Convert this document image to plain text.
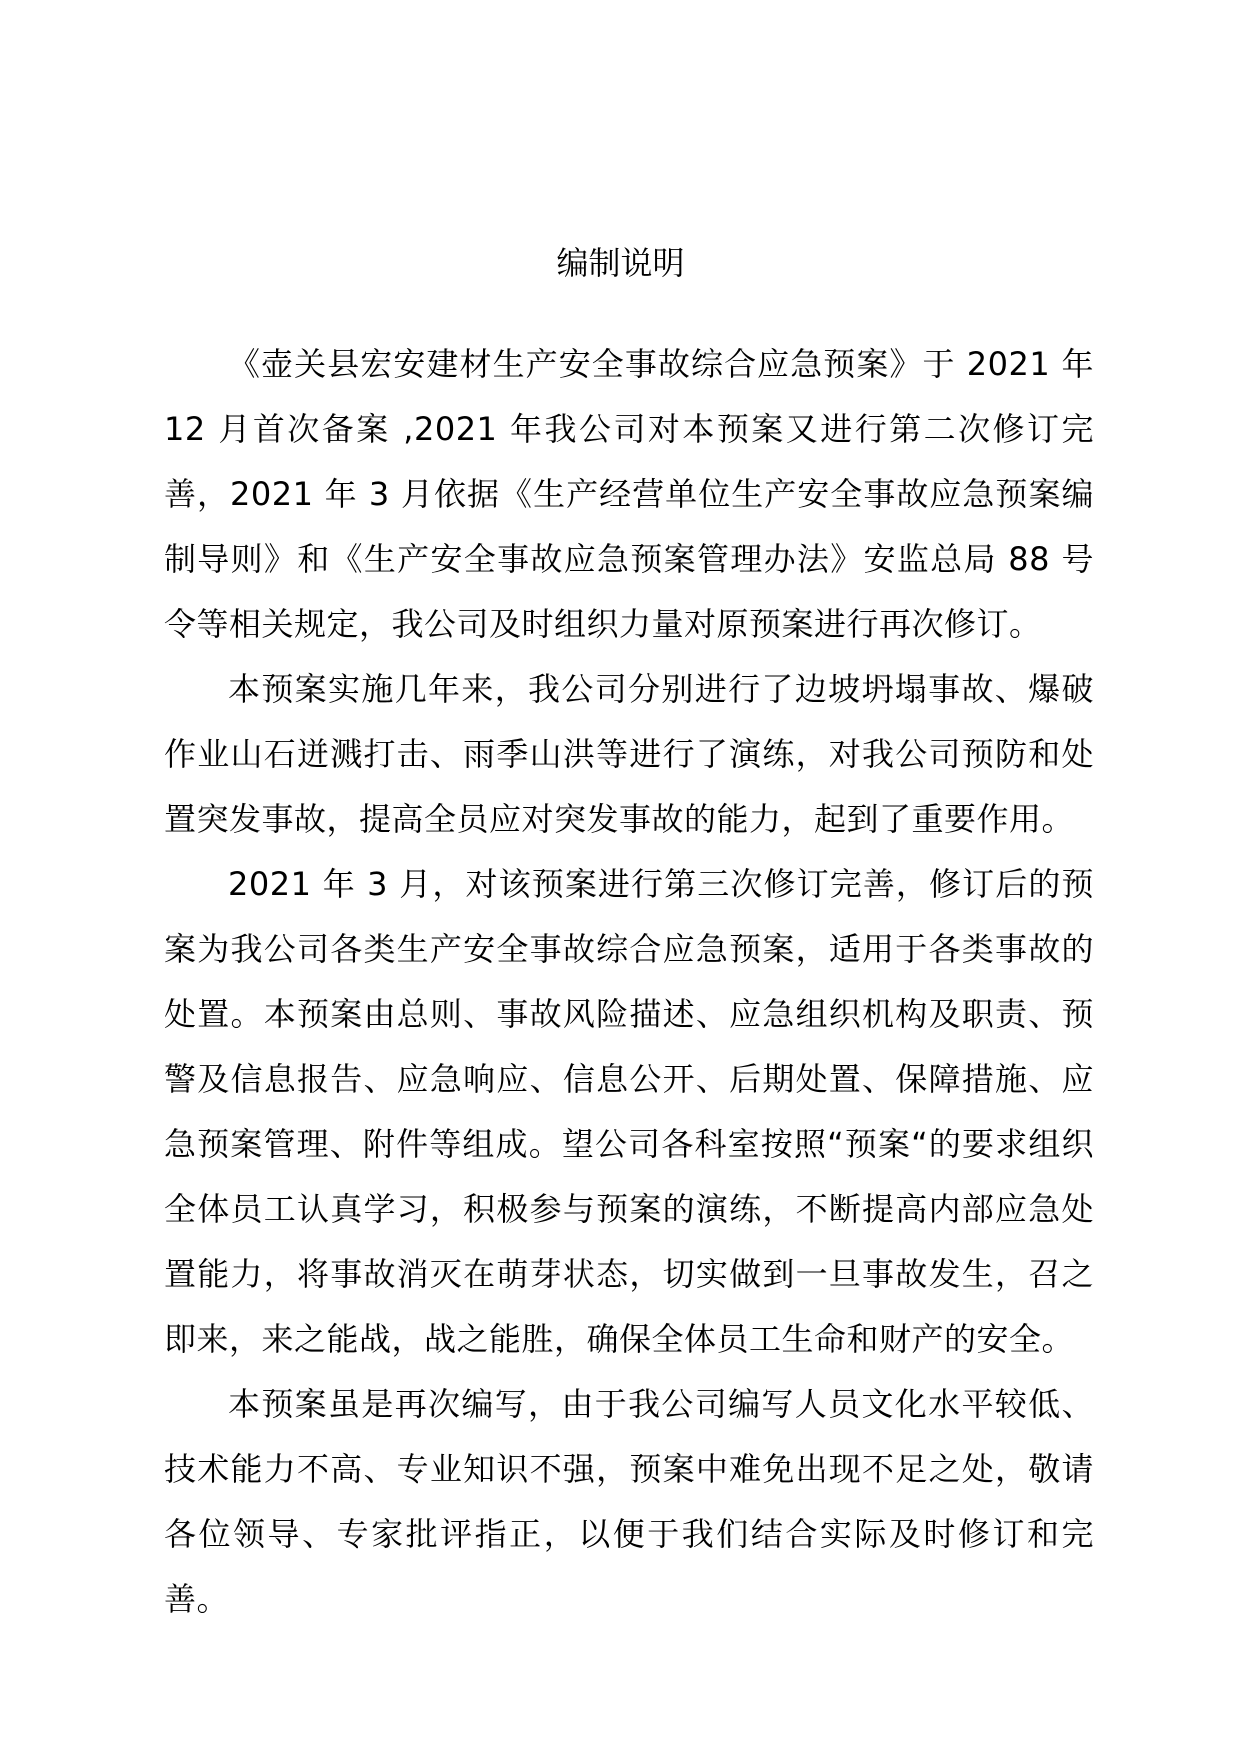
编制说明

《壶关县宏安建材生产安全事故综合应急预案》于 2021 年 12 月首次备案 ,2021 年我公司对本预案又进行第二次修订完善，2021 年 3 月依据《生产经营单位生产安全事故应急预案编制导则》和《生产安全事故应急预案管理办法》安监总局 88 号令等相关规定，我公司及时组织力量对原预案进行再次修订。

本预案实施几年来，我公司分别进行了边坡坍塌事故、爆破作业山石迸溅打击、雨季山洪等进行了演练，对我公司预防和处置突发事故，提高全员应对突发事故的能力，起到了重要作用。

2021 年 3 月，对该预案进行第三次修订完善，修订后的预案为我公司各类生产安全事故综合应急预案，适用于各类事故的处置。本预案由总则、事故风险描述、应急组织机构及职责、预警及信息报告、应急响应、信息公开、后期处置、保障措施、应急预案管理、附件等组成。望公司各科室按照“预案“的要求组织全体员工认真学习，积极参与预案的演练，不断提高内部应急处置能力，将事故消灭在萌芽状态，切实做到一旦事故发生，召之即来，来之能战，战之能胜，确保全体员工生命和财产的安全。

本预案虽是再次编写，由于我公司编写人员文化水平较低、技术能力不高、专业知识不强，预案中难免出现不足之处，敬请各位领导、专家批评指正，以便于我们结合实际及时修订和完善。
